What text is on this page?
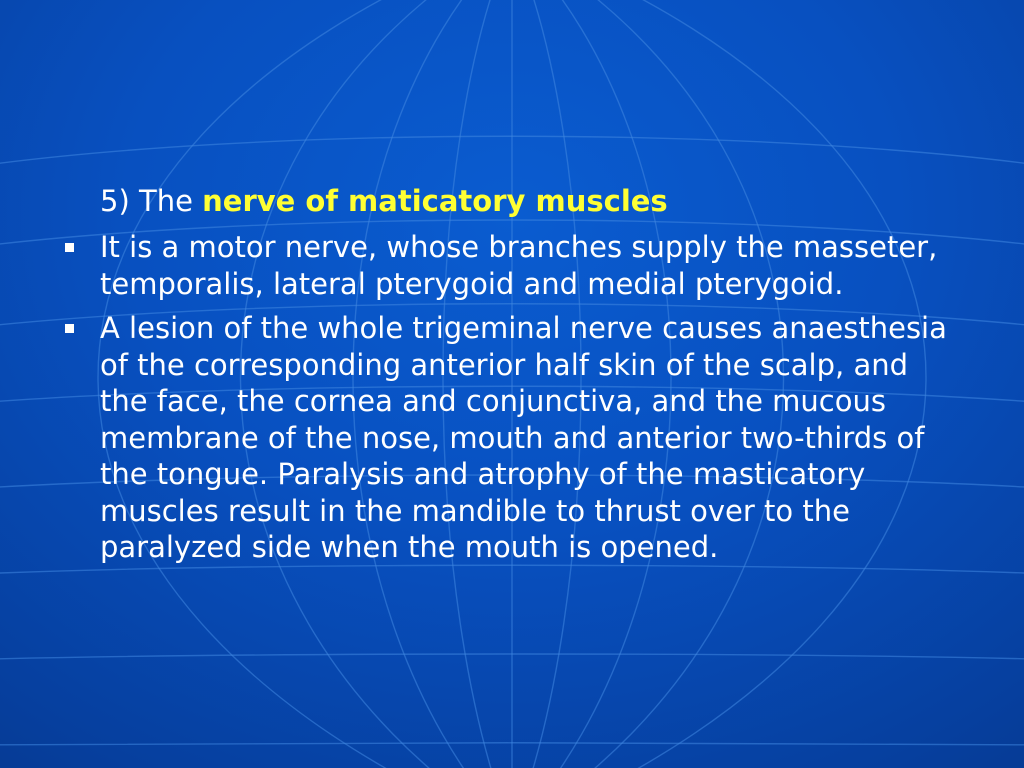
5) The nerve of maticatory muscles

It is a motor nerve, whose branches supply the masseter, temporalis, lateral pterygoid and medial pterygoid.
A lesion of the whole trigeminal nerve causes anaesthesia of the corresponding anterior half skin of the scalp, and the face, the cornea and conjunctiva, and the mucous membrane of the nose, mouth and anterior two-thirds of the tongue. Paralysis and atrophy of the masticatory muscles result in the mandible to thrust over to the paralyzed side when the mouth is opened.
